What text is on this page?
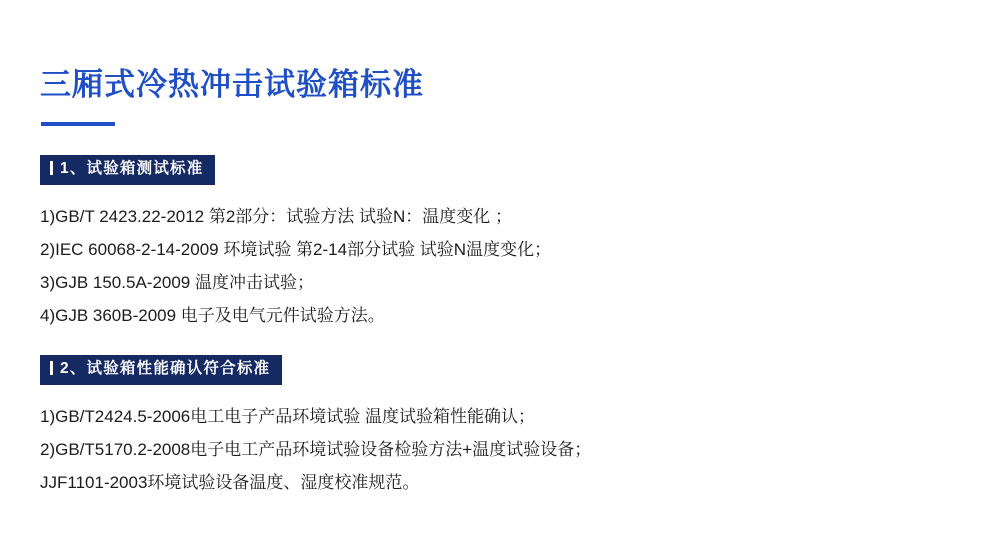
三厢式冷热冲击试验箱标准
1、试验箱测试标准
1)GB/T 2423.22-2012 第2部分：试验方法 试验N：温度变化 ；
2)IEC 60068-2-14-2009 环境试验 第2-14部分试验 试验N温度变化；
3)GJB 150.5A-2009 温度冲击试验；
4)GJB 360B-2009 电子及电气元件试验方法。
2、试验箱性能确认符合标准
1)GB/T2424.5-2006电工电子产品环境试验 温度试验箱性能确认；
2)GB/T5170.2-2008电子电工产品环境试验设备检验方法+温度试验设备；
JJF1101-2003环境试验设备温度、湿度校准规范。
